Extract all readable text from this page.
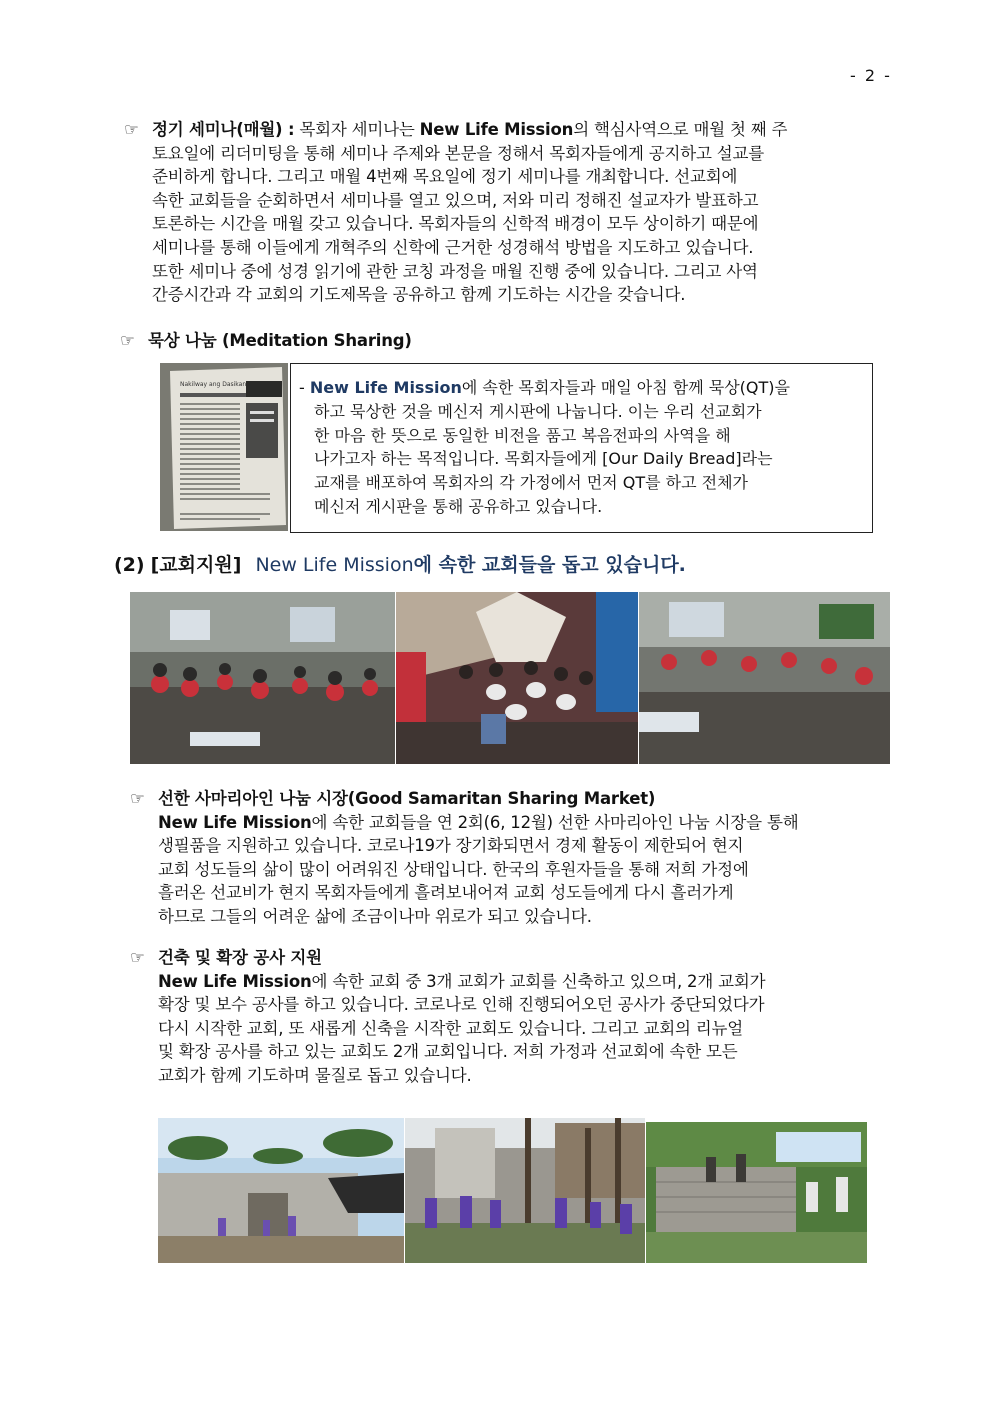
- 2 -
☞ 정기 세미나(매월) : 목회자 세미나는 New Life Mission의 핵심사역으로 매월 첫 째 주
토요일에 리더미팅을 통해 세미나 주제와 본문을 정해서 목회자들에게 공지하고 설교를
준비하게 합니다. 그리고 매월 4번째 목요일에 정기 세미나를 개최합니다. 선교회에
속한 교회들을 순회하면서 세미나를 열고 있으며, 저와 미리 정해진 설교자가 발표하고
토론하는 시간을 매월 갖고 있습니다. 목회자들의 신학적 배경이 모두 상이하기 때문에
세미나를 통해 이들에게 개혁주의 신학에 근거한 성경해석 방법을 지도하고 있습니다.
또한 세미나 중에 성경 읽기에 관한 코칭 과정을 매월 진행 중에 있습니다. 그리고 사역
간증시간과 각 교회의 기도제목을 공유하고 함께 기도하는 시간을 갖습니다.
☞ 묵상 나눔 (Meditation Sharing)
Nakilway ang Dasikan	- New Life Mission에 속한 목회자들과 매일 아침 함께 묵상(QT)을
하고 묵상한 것을 메신저 게시판에 나눕니다. 이는 우리 선교회가
한 마음 한 뜻으로 동일한 비전을 품고 복음전파의 사역을 해
나가고자 하는 목적입니다. 목회자들에게 [Our Daily Bread]라는
교재를 배포하여 목회자의 각 가정에서 먼저 QT를 하고 전체가
메신저 게시판을 통해 공유하고 있습니다.
(2) [교회지원] New Life Mission에 속한 교회들을 돕고 있습니다.
☞ 선한 사마리아인 나눔 시장(Good Samaritan Sharing Market)
New Life Mission에 속한 교회들을 연 2회(6, 12월) 선한 사마리아인 나눔 시장을 통해
생필품을 지원하고 있습니다. 코로나19가 장기화되면서 경제 활동이 제한되어 현지
교회 성도들의 삶이 많이 어려워진 상태입니다. 한국의 후원자들을 통해 저희 가정에
흘러온 선교비가 현지 목회자들에게 흘려보내어져 교회 성도들에게 다시 흘러가게
하므로 그들의 어려운 삶에 조금이나마 위로가 되고 있습니다.
☞ 건축 및 확장 공사 지원
New Life Mission에 속한 교회 중 3개 교회가 교회를 신축하고 있으며, 2개 교회가
확장 및 보수 공사를 하고 있습니다. 코로나로 인해 진행되어오던 공사가 중단되었다가
다시 시작한 교회, 또 새롭게 신축을 시작한 교회도 있습니다. 그리고 교회의 리뉴얼
및 확장 공사를 하고 있는 교회도 2개 교회입니다. 저희 가정과 선교회에 속한 모든
교회가 함께 기도하며 물질로 돕고 있습니다.
